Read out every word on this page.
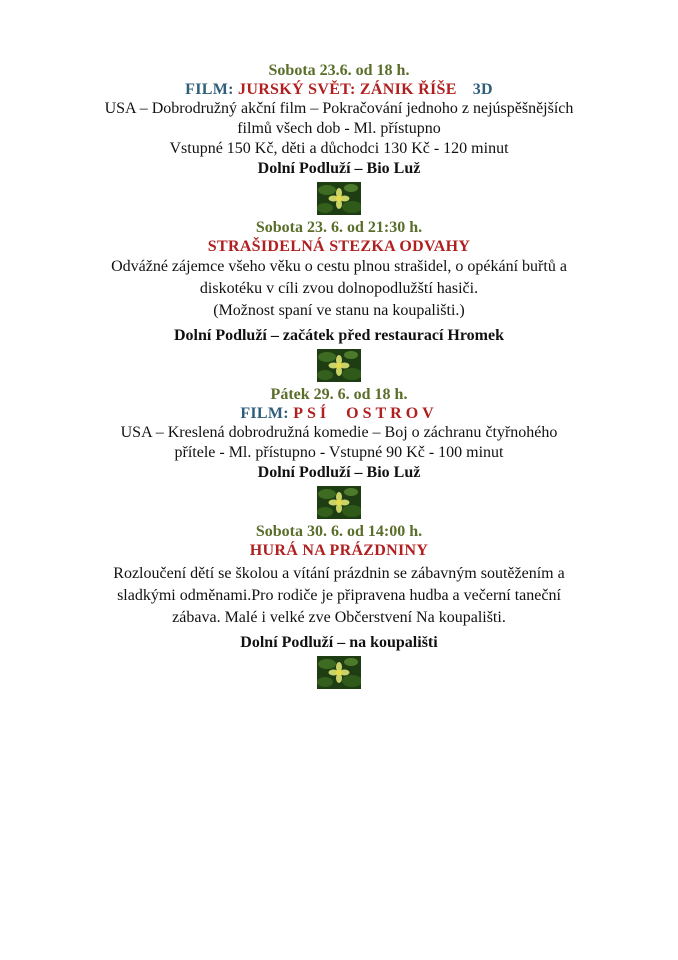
Sobota 23.6. od 18 h.
FILM: JURSKÝ SVĚT: ZÁNIK ŘÍŠE 3D
USA – Dobrodružný akční film – Pokračování jednoho z nejúspěšnějších
filmů všech dob - Ml. přístupno
Vstupné 150 Kč, děti a důchodci 130 Kč - 120 minut
Dolní Podluží – Bio Luž
Sobota 23. 6. od 21:30 h.
STRAŠIDELNÁ STEZKA ODVAHY
Odvážné zájemce všeho věku o cestu plnou strašidel, o opékání buřtů a
diskotéku v cíli zvou dolnopodlužští hasiči.
(Možnost spaní ve stanu na koupališti.)
Dolní Podluží – začátek před restaurací Hromek
Pátek 29. 6. od 18 h.
FILM: PSÍ  OSTROV
USA – Kreslená dobrodružná komedie – Boj o záchranu čtyřnohého
přítele - Ml. přístupno - Vstupné 90 Kč - 100 minut
Dolní Podluží – Bio Luž
Sobota 30. 6. od 14:00 h.
HURÁ NA PRÁZDNINY
Rozloučení dětí se školou a vítání prázdnin se zábavným soutěžením a
sladkými odměnami.Pro rodiče je připravena hudba a večerní taneční
zábava. Malé i velké zve Občerstvení Na koupališti.
Dolní Podluží – na koupališti
